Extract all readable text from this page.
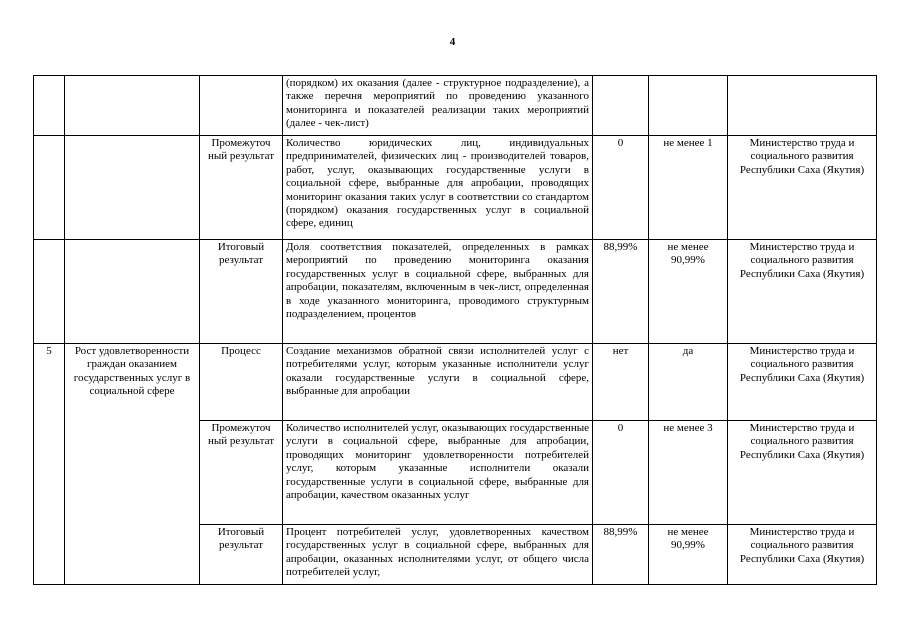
4
			(порядком) их оказания (далее - структурное подразделение), а также перечня мероприятий по проведению указанного мониторинга и показателей реализации таких мероприятий (далее - чек-лист)			
		Промежуточ ный результат	Количество юридических лиц, индивидуальных предпринимателей, физических лиц - производителей товаров, работ, услуг, оказывающих государственные услуги в социальной сфере, выбранные для апробации, проводящих мониторинг оказания таких услуг в соответствии со стандартом (порядком) оказания государственных услуг в социальной сфере, единиц	0	не менее 1	Министерство труда и социального развития Республики Саха (Якутия)
		Итоговый результат	Доля соответствия показателей, определенных в рамках мероприятий по проведению мониторинга оказания государственных услуг в социальной сфере, выбранных для апробации, показателям, включенным в чек-лист, определенная в ходе указанного мониторинга, проводимого структурным подразделением, процентов	88,99%	не менее 90,99%	Министерство труда и социального развития Республики Саха (Якутия)
5	Рост удовлетворенности граждан оказанием государственных услуг в социальной сфере	Процесс	Создание механизмов обратной связи исполнителей услуг с потребителями услуг, которым указанные исполнители услуг оказали государственные услуги в социальной сфере, выбранные для апробации	нет	да	Министерство труда и социального развития Республики Саха (Якутия)
		Промежуточ ный результат	Количество исполнителей услуг, оказывающих государственные услуги в социальной сфере, выбранные для апробации, проводящих мониторинг удовлетворенности потребителей услуг, которым указанные исполнители оказали государственные услуги в социальной сфере, выбранные для апробации, качеством оказанных услуг	0	не менее 3	Министерство труда и социального развития Республики Саха (Якутия)
		Итоговый результат	Процент потребителей услуг, удовлетворенных качеством государственных услуг в социальной сфере, выбранных для апробации, оказанных исполнителями услуг, от общего числа потребителей услуг,	88,99%	не менее 90,99%	Министерство труда и социального развития Республики Саха (Якутия)
